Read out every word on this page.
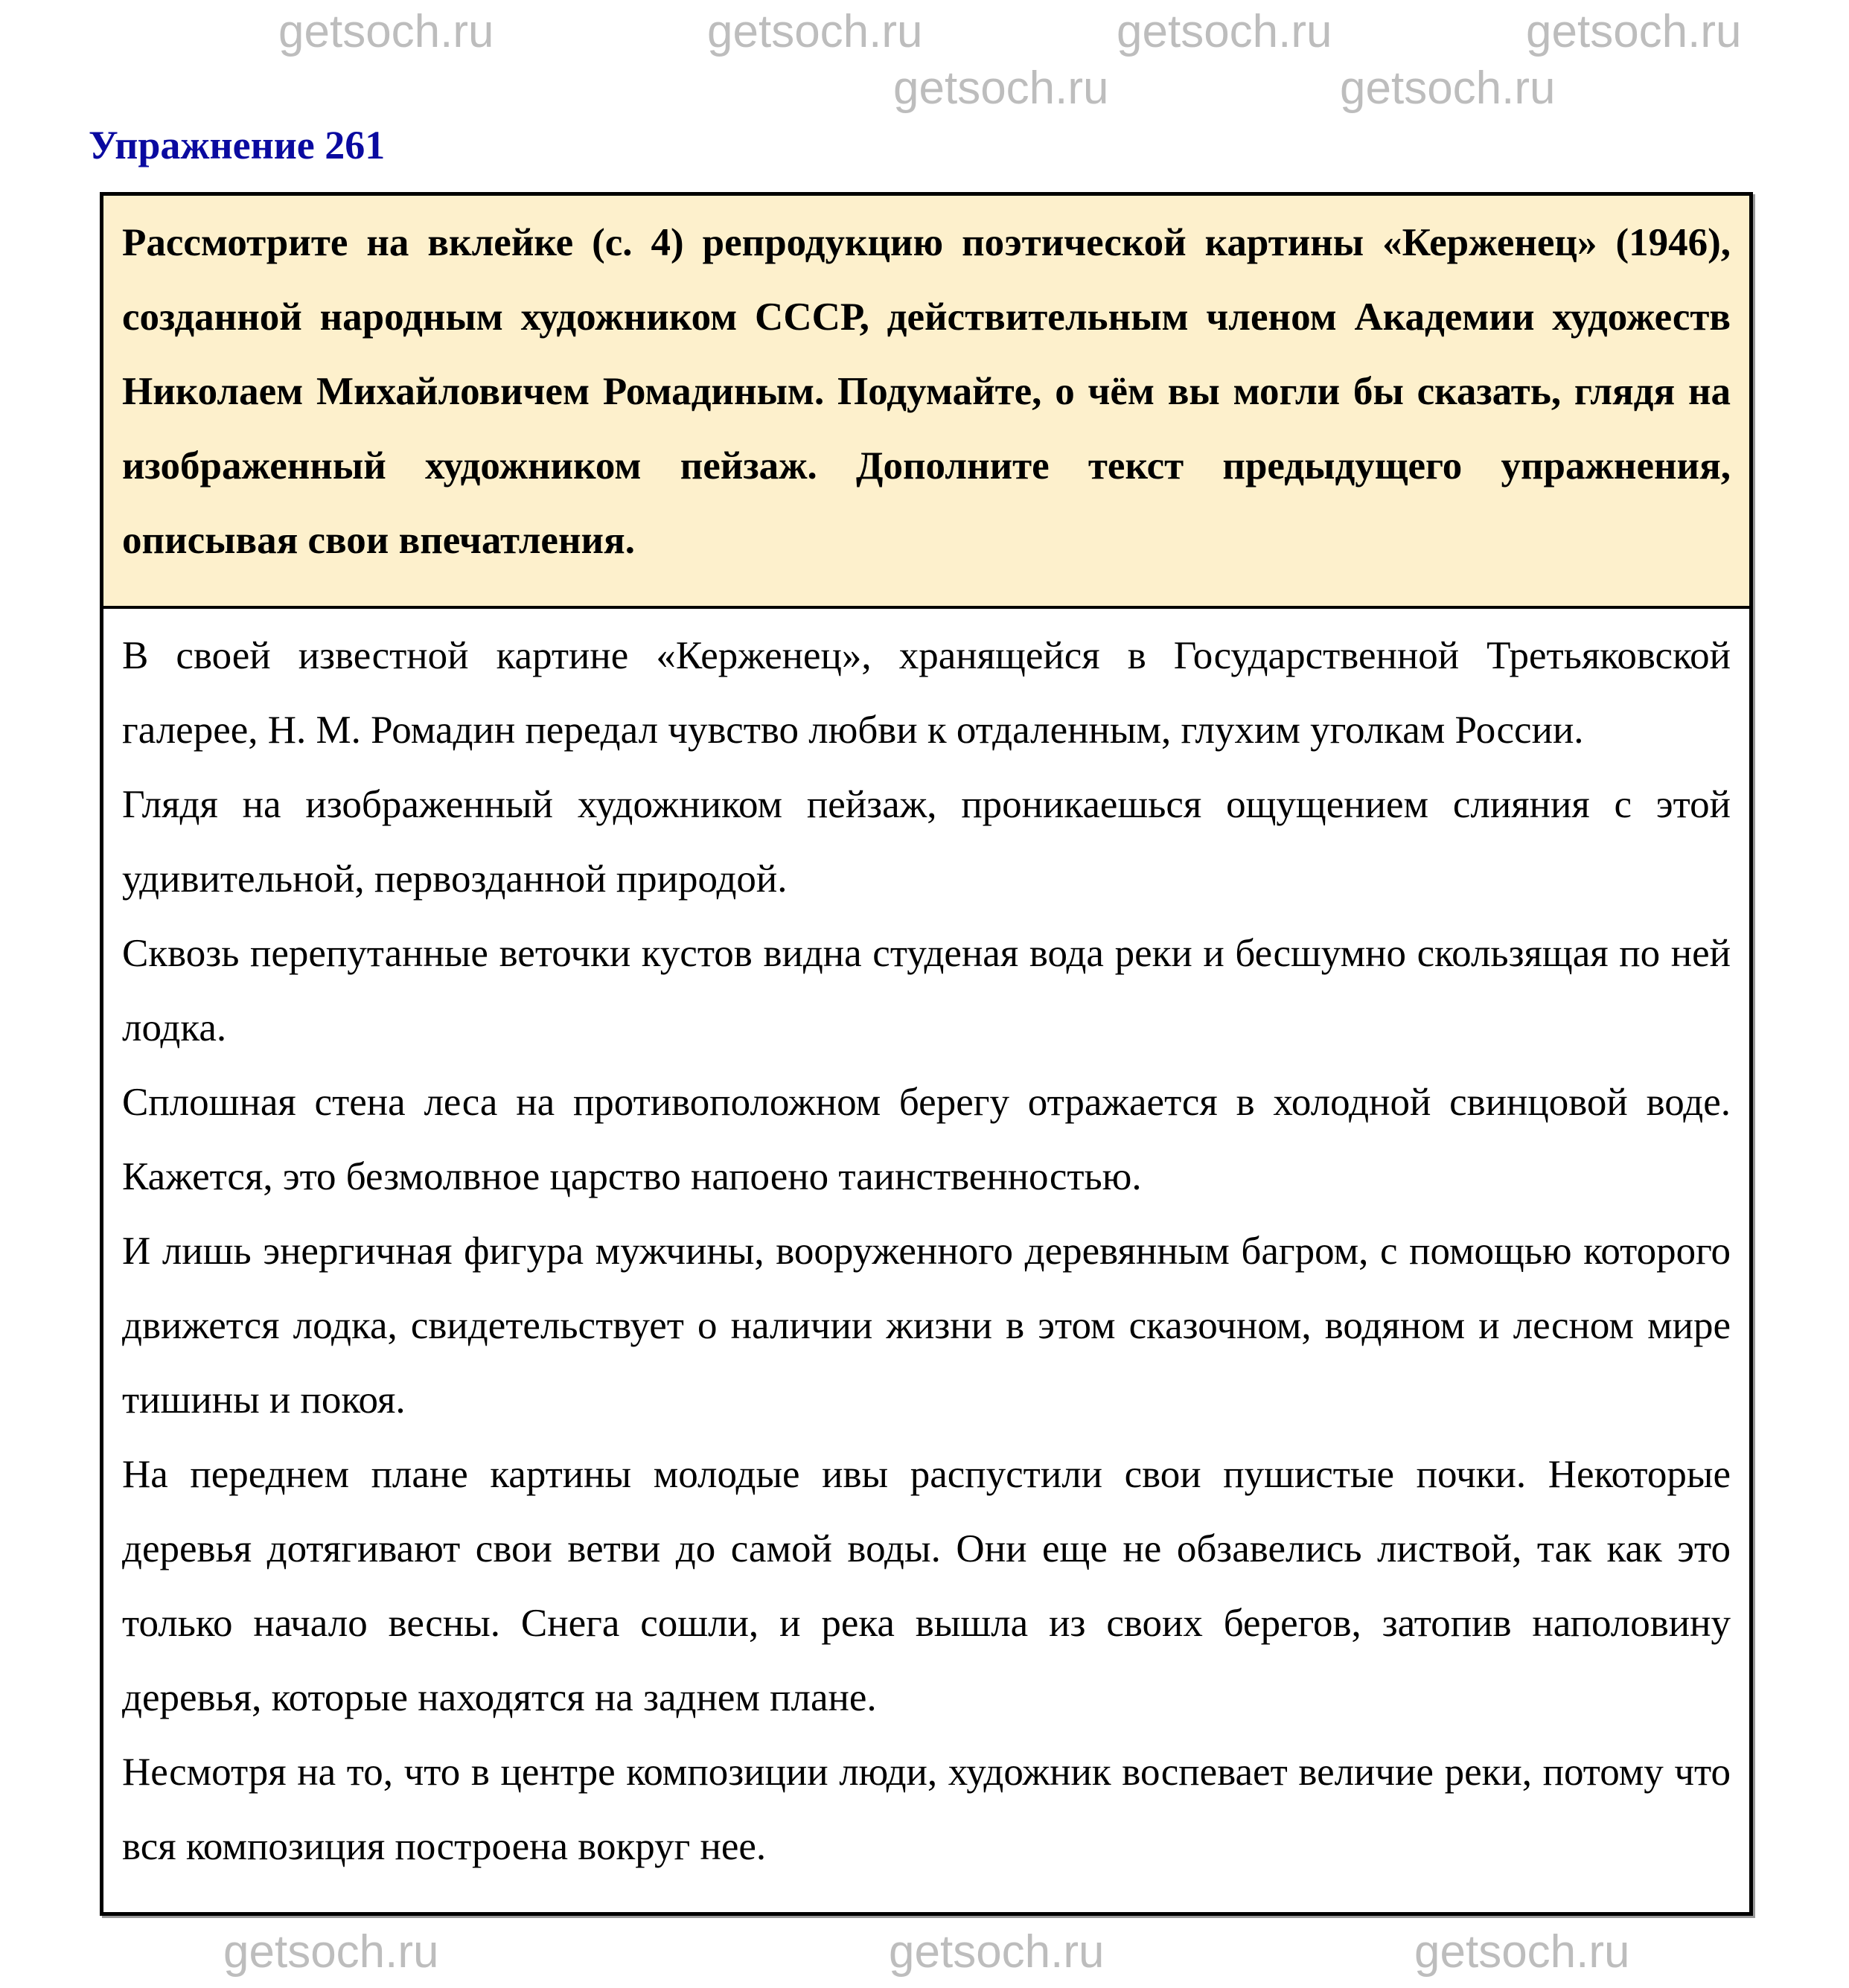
getsoch.ru	getsoch.ru	getsoch.ru	getsoch.ru
getsoch.ru	getsoch.ru
Упражнение 261
Рассмотрите на вклейке (с. 4) репродукцию поэтической картины «Керженец» (1946), созданной народным художником СССР, действительным членом Академии художеств Николаем Михайловичем Ромадиным. Подумайте, о чём вы могли бы сказать, глядя на изображенный художником пейзаж. Дополните текст предыдущего упражнения, описывая свои впечатления.

В своей известной картине «Керженец», хранящейся в Государственной Третьяковской галерее, Н. М. Ромадин передал чувство любви к отдаленным, глухим уголкам России.

Глядя на изображенный художником пейзаж, проникаешься ощущением слияния с этой удивительной, первозданной природой.

Сквозь перепутанные веточки кустов видна студеная вода реки и бесшумно скользящая по ней лодка.

Сплошная стена леса на противоположном берегу отражается в холодной свинцовой воде. Кажется, это безмолвное царство напоено таинственностью.

И лишь энергичная фигура мужчины, вооруженного деревянным багром, с помощью которого движется лодка, свидетельствует о наличии жизни в этом сказочном, водяном и лесном мире тишины и покоя.

На переднем плане картины молодые ивы распустили свои пушистые почки. Некоторые деревья дотягивают свои ветви до самой воды. Они еще не обзавелись листвой, так как это только начало весны. Снега сошли, и река вышла из своих берегов, затопив наполовину деревья, которые находятся на заднем плане.

Несмотря на то, что в центре композиции люди, художник воспевает величие реки, потому что вся композиция построена вокруг нее.

getsoch.ru	getsoch.ru	getsoch.ru
